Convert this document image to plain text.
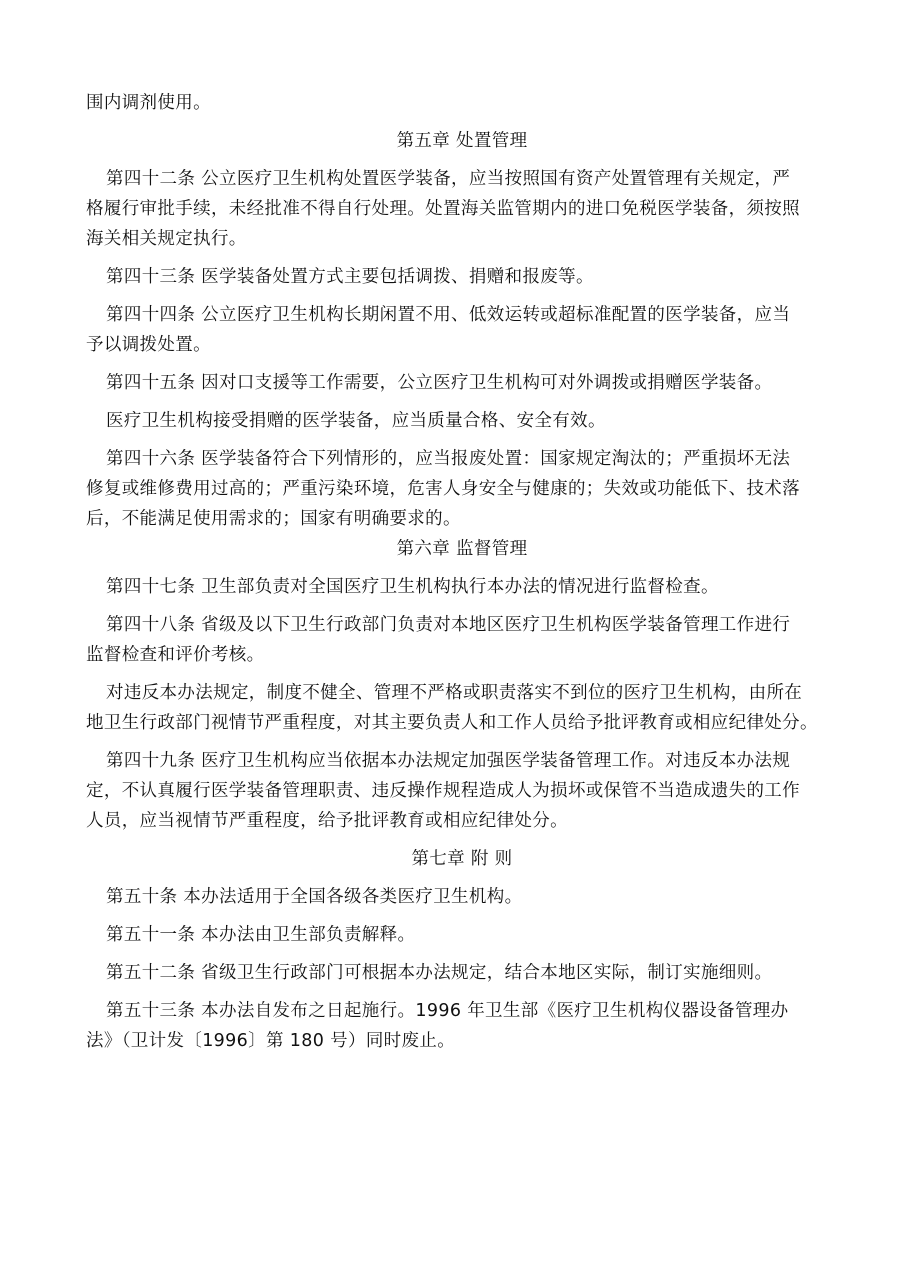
围内调剂使用。
第五章 处置管理
第四十二条 公立医疗卫生机构处置医学装备，应当按照国有资产处置管理有关规定，严
格履行审批手续，未经批准不得自行处理。处置海关监管期内的进口免税医学装备，须按照
海关相关规定执行。
第四十三条 医学装备处置方式主要包括调拨、捐赠和报废等。
第四十四条 公立医疗卫生机构长期闲置不用、低效运转或超标准配置的医学装备，应当
予以调拨处置。
第四十五条 因对口支援等工作需要，公立医疗卫生机构可对外调拨或捐赠医学装备。
医疗卫生机构接受捐赠的医学装备，应当质量合格、安全有效。
第四十六条 医学装备符合下列情形的，应当报废处置：国家规定淘汰的；严重损坏无法
修复或维修费用过高的；严重污染环境，危害人身安全与健康的；失效或功能低下、技术落
后，不能满足使用需求的；国家有明确要求的。
第六章 监督管理
第四十七条 卫生部负责对全国医疗卫生机构执行本办法的情况进行监督检查。
第四十八条 省级及以下卫生行政部门负责对本地区医疗卫生机构医学装备管理工作进行
监督检查和评价考核。
对违反本办法规定，制度不健全、管理不严格或职责落实不到位的医疗卫生机构，由所在
地卫生行政部门视情节严重程度，对其主要负责人和工作人员给予批评教育或相应纪律处分。
第四十九条 医疗卫生机构应当依据本办法规定加强医学装备管理工作。对违反本办法规
定，不认真履行医学装备管理职责、违反操作规程造成人为损坏或保管不当造成遗失的工作
人员，应当视情节严重程度，给予批评教育或相应纪律处分。
第七章 附 则
第五十条 本办法适用于全国各级各类医疗卫生机构。
第五十一条 本办法由卫生部负责解释。
第五十二条 省级卫生行政部门可根据本办法规定，结合本地区实际，制订实施细则。
第五十三条 本办法自发布之日起施行。1996 年卫生部《医疗卫生机构仪器设备管理办
法》（卫计发〔1996〕第 180 号）同时废止。
